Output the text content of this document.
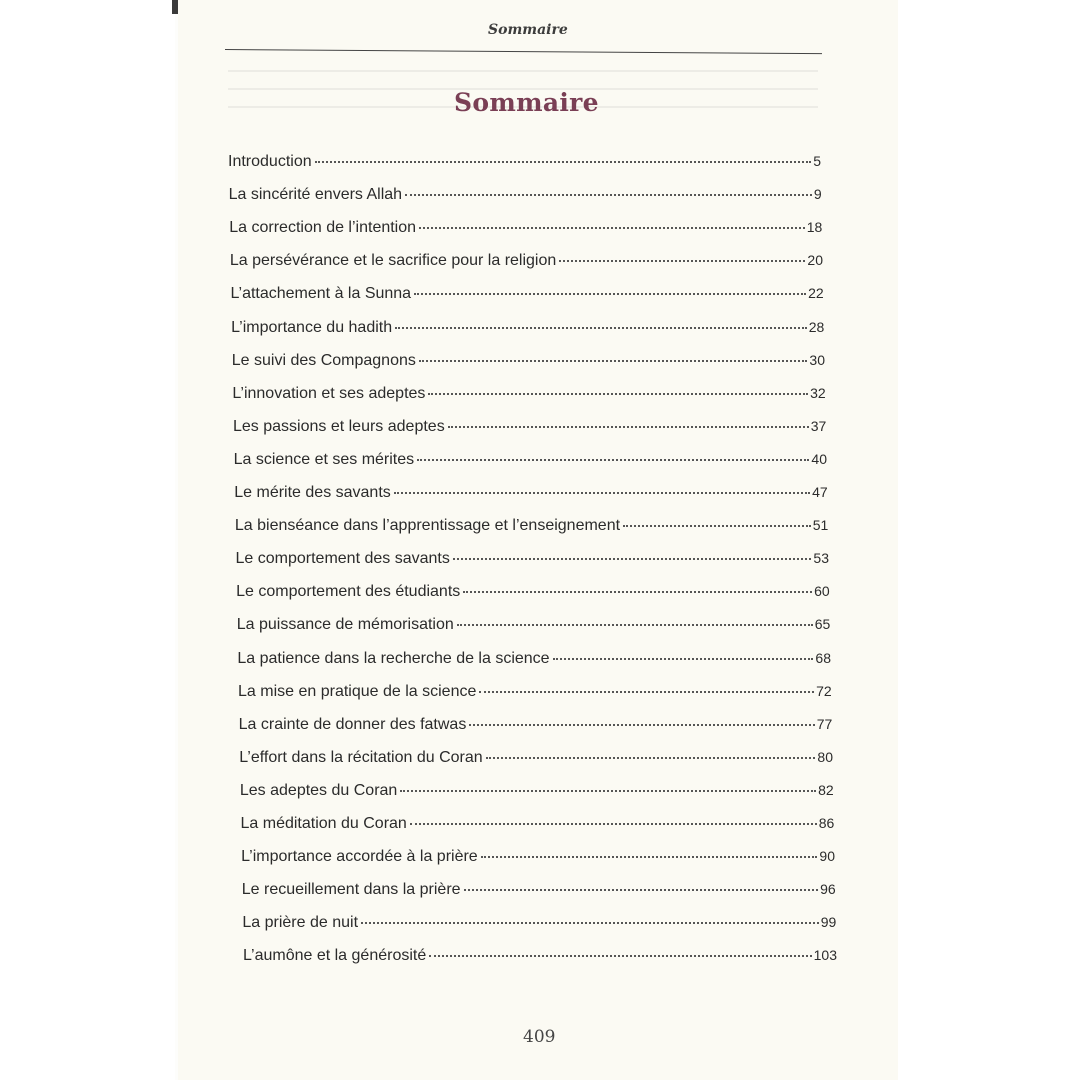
Sommaire
Sommaire
Introduction	5
La sincérité envers Allah	9
La correction de l’intention	18
La persévérance et le sacrifice pour la religion	20
L’attachement à la Sunna	22
L’importance du hadith	28
Le suivi des Compagnons	30
L’innovation et ses adeptes	32
Les passions et leurs adeptes	37
La science et ses mérites	40
Le mérite des savants	47
La bienséance dans l’apprentissage et l’enseignement	51
Le comportement des savants	53
Le comportement des étudiants	60
La puissance de mémorisation	65
La patience dans la recherche de la science	68
La mise en pratique de la science	72
La crainte de donner des fatwas	77
L’effort dans la récitation du Coran	80
Les adeptes du Coran	82
La méditation du Coran	86
L’importance accordée à la prière	90
Le recueillement dans la prière	96
La prière de nuit	99
L’aumône et la générosité	103
409
